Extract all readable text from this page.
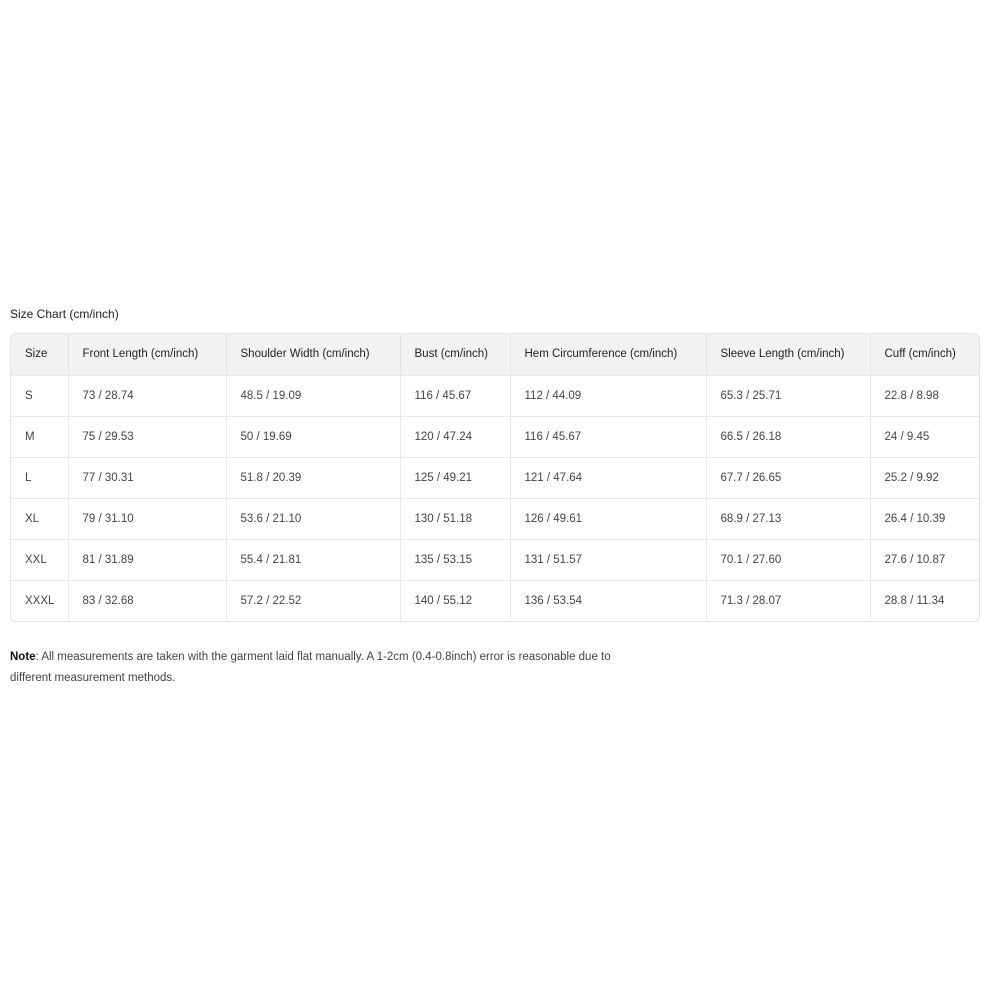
Size Chart (cm/inch)
Size	Front Length (cm/inch)	Shoulder Width (cm/inch)	Bust (cm/inch)	Hem Circumference (cm/inch)	Sleeve Length (cm/inch)	Cuff (cm/inch)
S	73 / 28.74	48.5 / 19.09	116 / 45.67	112 / 44.09	65.3 / 25.71	22.8 / 8.98
M	75 / 29.53	50 / 19.69	120 / 47.24	116 / 45.67	66.5 / 26.18	24 / 9.45
L	77 / 30.31	51.8 / 20.39	125 / 49.21	121 / 47.64	67.7 / 26.65	25.2 / 9.92
XL	79 / 31.10	53.6 / 21.10	130 / 51.18	126 / 49.61	68.9 / 27.13	26.4 / 10.39
XXL	81 / 31.89	55.4 / 21.81	135 / 53.15	131 / 51.57	70.1 / 27.60	27.6 / 10.87
XXXL	83 / 32.68	57.2 / 22.52	140 / 55.12	136 / 53.54	71.3 / 28.07	28.8 / 11.34
Note: All measurements are taken with the garment laid flat manually. A 1-2cm (0.4-0.8inch) error is reasonable due to different measurement methods.
